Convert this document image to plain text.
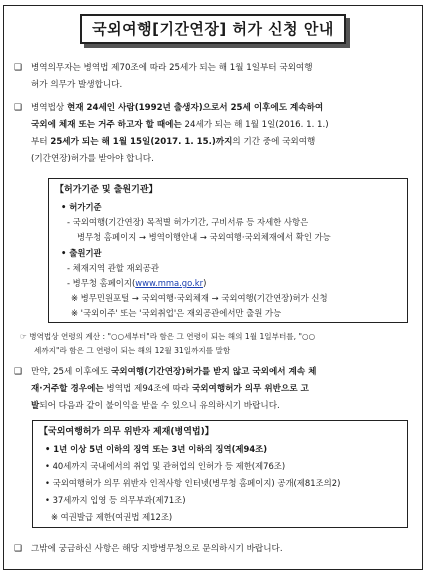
국외여행[기간연장] 허가 신청 안내
❑ 병역의무자는 병역법 제70조에 따라 25세가 되는 해 1월 1일부터 국외여행
허가 의무가 발생합니다.
❑ 병역법상 현재 24세인 사람(1992년 출생자)으로서 25세 이후에도 계속하여
국외에 체재 또는 거주 하고자 할 때에는 24세가 되는 해 1월 1일(2016. 1. 1.)
부터 25세가 되는 해 1월 15일(2017. 1. 15.)까지의 기간 중에 국외여행
(기간연장)허가를 받아야 합니다.
【허가기준 및 출원기관】
• 허가기준
- 국외여행(기간연장) 목적별 허가기간, 구비서류 등 자세한 사항은
병무청 홈페이지 → 병역이행안내 → 국외여행·국외체재에서 확인 가능
• 출원기관
- 체재지역 관할 재외공관
- 병무청 홈페이지(www.mma.go.kr)
※ 병무민원포털 → 국외여행·국외체재 → 국외여행(기간연장)허가 신청
※ '국외이주' 또는 '국외취업'은 재외공관에서만 출원 가능
☞ 병역법상 연령의 계산 : "○○세부터"라 함은 그 연령이 되는 해의 1월 1일부터를, "○○
세까지"라 함은 그 연령이 되는 해의 12월 31일까지를 말함
❑ 만약, 25세 이후에도 국외여행(기간연장)허가를 받지 않고 국외에서 계속 체
재·거주할 경우에는 병역법 제94조에 따라 국외여행허가 의무 위반으로 고
발되어 다음과 같이 불이익을 받을 수 있으니 유의하시기 바랍니다.
【국외여행허가 의무 위반자 제재(병역법)】
• 1년 이상 5년 이하의 징역 또는 3년 이하의 징역(제94조)
• 40세까지 국내에서의 취업 및 관허업의 인허가 등 제한(제76조)
• 국외여행허가 의무 위반자 인적사항 인터넷(병무청 홈페이지) 공개(제81조의2)
• 37세까지 입영 등 의무부과(제71조)
※ 여권발급 제한(여권법 제12조)
❑ 그밖에 궁금하신 사항은 해당 지방병무청으로 문의하시기 바랍니다.
